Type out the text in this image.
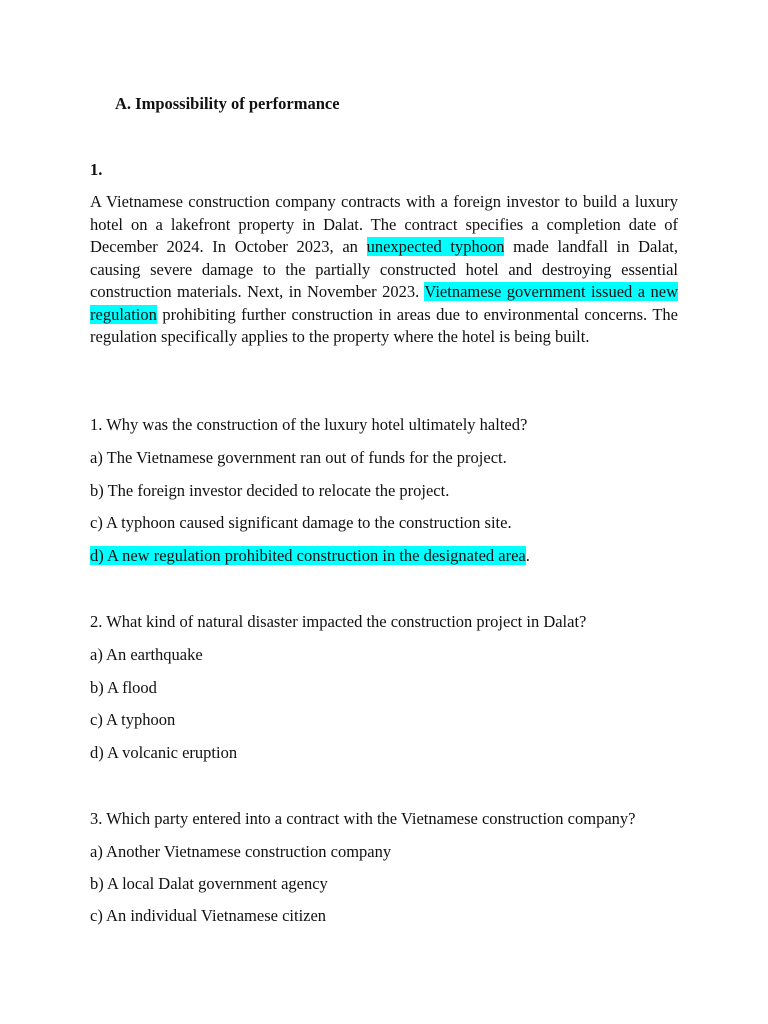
A. Impossibility of performance

1.

A Vietnamese construction company contracts with a foreign investor to build a luxury hotel on a lakefront property in Dalat. The contract specifies a completion date of December 2024. In October 2023, an unexpected typhoon made landfall in Dalat, causing severe damage to the partially constructed hotel and destroying essential construction materials. Next, in November 2023. Vietnamese government issued a new regulation prohibiting further construction in areas due to environmental concerns. The regulation specifically applies to the property where the hotel is being built.

1. Why was the construction of the luxury hotel ultimately halted?

a) The Vietnamese government ran out of funds for the project.

b) The foreign investor decided to relocate the project.

c) A typhoon caused significant damage to the construction site.

d) A new regulation prohibited construction in the designated area.

2. What kind of natural disaster impacted the construction project in Dalat?

a) An earthquake

b) A flood

c) A typhoon

d) A volcanic eruption

3. Which party entered into a contract with the Vietnamese construction company?

a) Another Vietnamese construction company

b) A local Dalat government agency

c) An individual Vietnamese citizen
